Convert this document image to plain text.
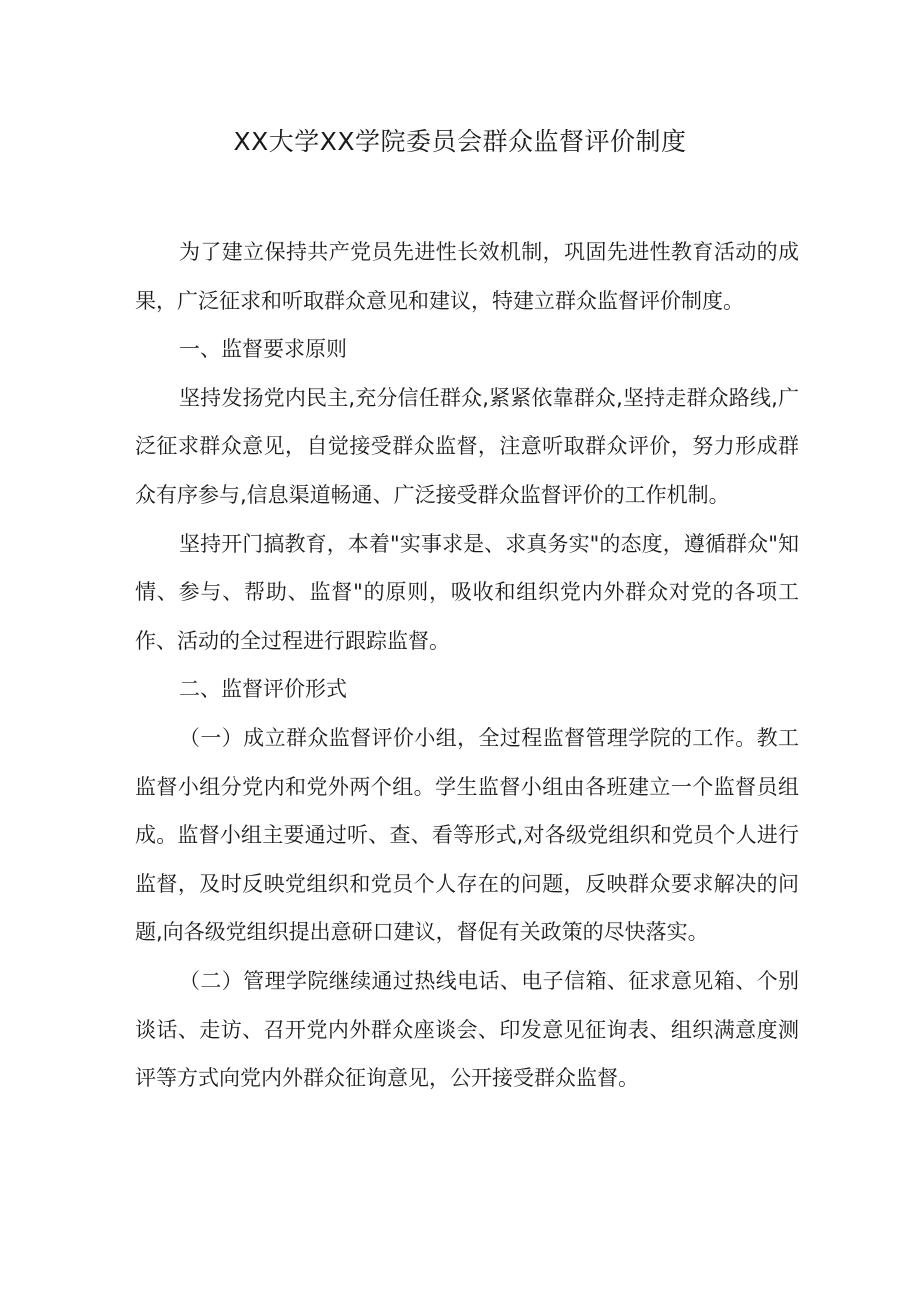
XX大学XX学院委员会群众监督评价制度

为了建立保持共产党员先进性长效机制，巩固先进性教育活动的成果，广泛征求和听取群众意见和建议，特建立群众监督评价制度。

一、监督要求原则

坚持发扬党内民主,充分信任群众,紧紧依靠群众,坚持走群众路线,广泛征求群众意见，自觉接受群众监督，注意听取群众评价，努力形成群众有序参与,信息渠道畅通、广泛接受群众监督评价的工作机制。

坚持开门搞教育，本着"实事求是、求真务实"的态度，遵循群众"知情、参与、帮助、监督"的原则，吸收和组织党内外群众对党的各项工作、活动的全过程进行跟踪监督。

二、监督评价形式

（一）成立群众监督评价小组，全过程监督管理学院的工作。教工监督小组分党内和党外两个组。学生监督小组由各班建立一个监督员组成。监督小组主要通过听、查、看等形式,对各级党组织和党员个人进行监督，及时反映党组织和党员个人存在的问题，反映群众要求解决的问题,向各级党组织提出意研口建议，督促有关政策的尽快落实。

（二）管理学院继续通过热线电话、电子信箱、征求意见箱、个别谈话、走访、召开党内外群众座谈会、印发意见征询表、组织满意度测评等方式向党内外群众征询意见，公开接受群众监督。
